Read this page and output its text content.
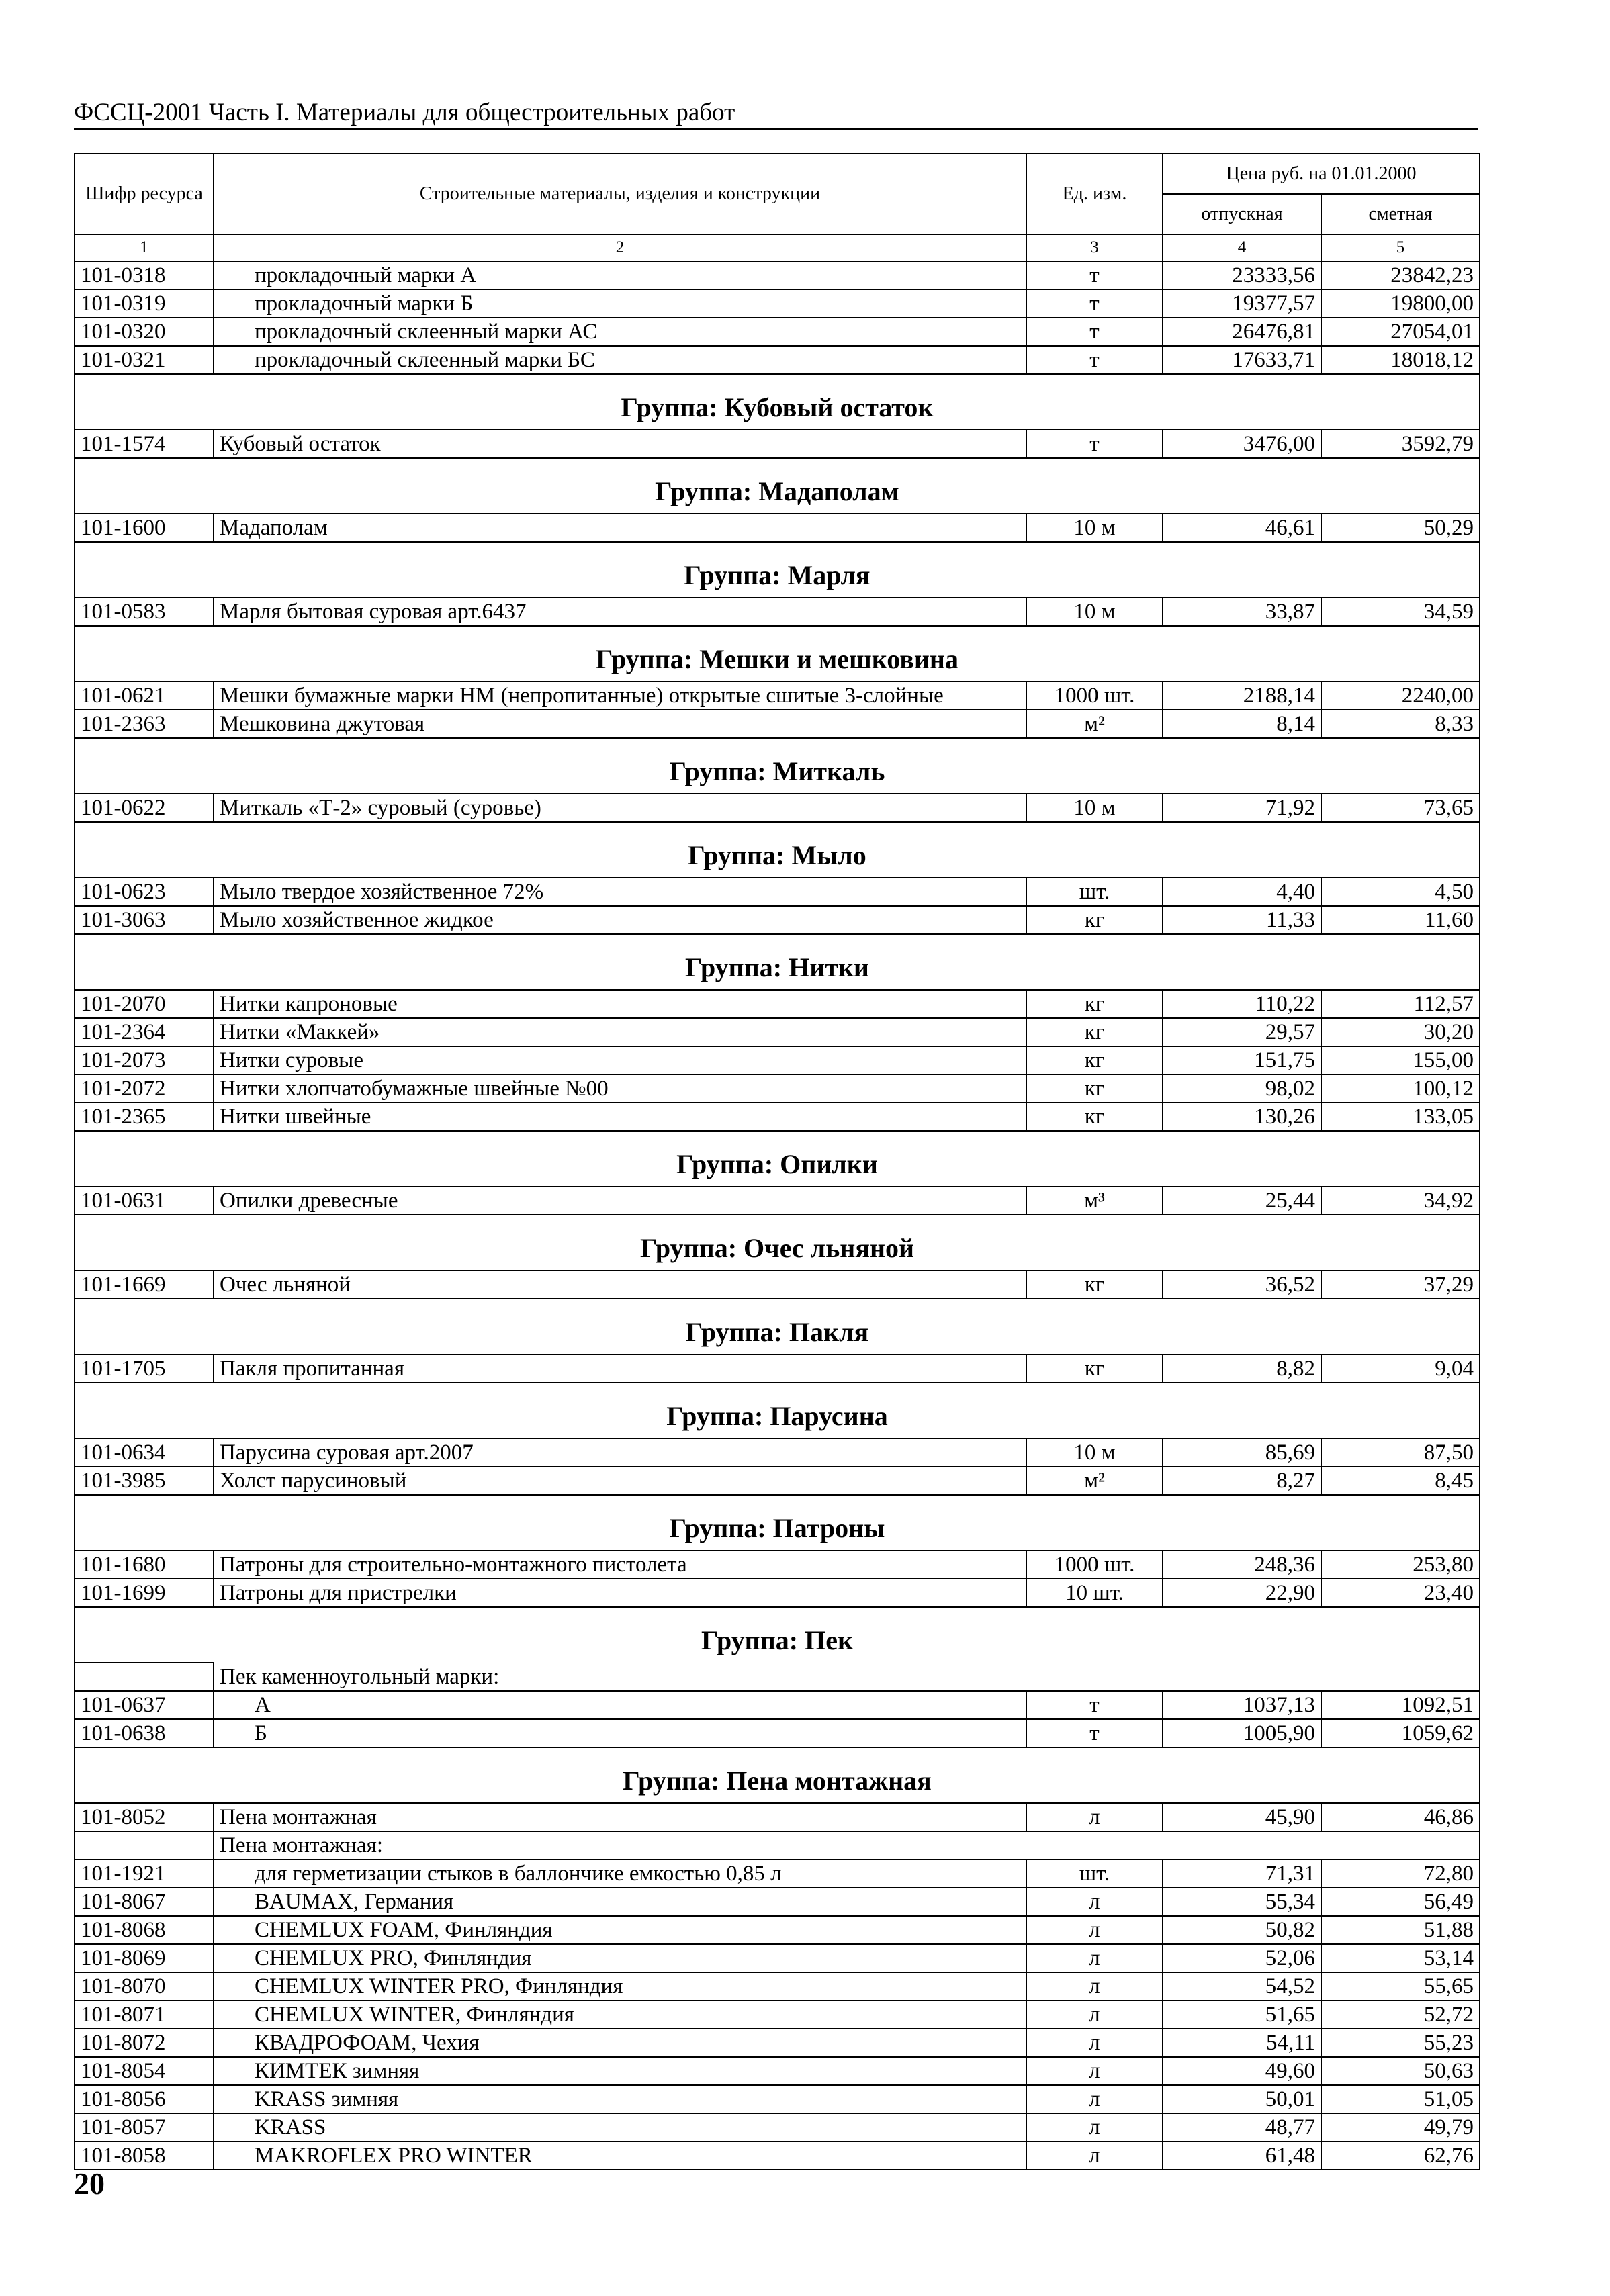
ФССЦ-2001 Часть I. Материалы для общестроительных работ
Шифр ресурса	Строительные материалы, изделия и конструкции	Ед. изм.	Цена руб. на 01.01.2000	
			отпускная	сметная
1	2	3	4	5
101-0318	прокладочный марки А	т	23333,56	23842,23
101-0319	прокладочный марки Б	т	19377,57	19800,00
101-0320	прокладочный склеенный марки АС	т	26476,81	27054,01
101-0321	прокладочный склеенный марки БС	т	17633,71	18018,12
Группа: Кубовый остаток				
101-1574	Кубовый остаток	т	3476,00	3592,79
Группа: Мадаполам				
101-1600	Мадаполам	10 м	46,61	50,29
Группа: Марля				
101-0583	Марля бытовая суровая арт.6437	10 м	33,87	34,59
Группа: Мешки и мешковина				
101-0621	Мешки бумажные марки НМ (непропитанные) открытые сшитые 3-слойные	1000 шт.	2188,14	2240,00
101-2363	Мешковина джутовая	м²	8,14	8,33
Группа: Миткаль				
101-0622	Миткаль «Т-2» суровый (суровье)	10 м	71,92	73,65
Группа: Мыло				
101-0623	Мыло твердое хозяйственное 72%	шт.	4,40	4,50
101-3063	Мыло хозяйственное жидкое	кг	11,33	11,60
Группа: Нитки				
101-2070	Нитки капроновые	кг	110,22	112,57
101-2364	Нитки «Маккей»	кг	29,57	30,20
101-2073	Нитки суровые	кг	151,75	155,00
101-2072	Нитки хлопчатобумажные швейные №00	кг	98,02	100,12
101-2365	Нитки швейные	кг	130,26	133,05
Группа: Опилки				
101-0631	Опилки древесные	м³	25,44	34,92
Группа: Очес льняной				
101-1669	Очес льняной	кг	36,52	37,29
Группа: Пакля				
101-1705	Пакля пропитанная	кг	8,82	9,04
Группа: Парусина				
101-0634	Парусина суровая арт.2007	10 м	85,69	87,50
101-3985	Холст парусиновый	м²	8,27	8,45
Группа: Патроны				
101-1680	Патроны для строительно-монтажного пистолета	1000 шт.	248,36	253,80
101-1699	Патроны для пристрелки	10 шт.	22,90	23,40
Группа: Пек				
	Пек каменноугольный марки:			
101-0637	А	т	1037,13	1092,51
101-0638	Б	т	1005,90	1059,62
Группа: Пена монтажная				
101-8052	Пена монтажная	л	45,90	46,86
	Пена монтажная:			
101-1921	для герметизации стыков в баллончике емкостью 0,85 л	шт.	71,31	72,80
101-8067	BAUMAX, Германия	л	55,34	56,49
101-8068	CHEMLUX FOAM, Финляндия	л	50,82	51,88
101-8069	CHEMLUX PRO, Финляндия	л	52,06	53,14
101-8070	CHEMLUX WINTER PRO, Финляндия	л	54,52	55,65
101-8071	CHEMLUX WINTER, Финляндия	л	51,65	52,72
101-8072	КВАДРОФОАМ, Чехия	л	54,11	55,23
101-8054	КИМТЕК зимняя	л	49,60	50,63
101-8056	KRASS зимняя	л	50,01	51,05
101-8057	KRASS	л	48,77	49,79
101-8058	MAKROFLEX PRO WINTER	л	61,48	62,76
20
